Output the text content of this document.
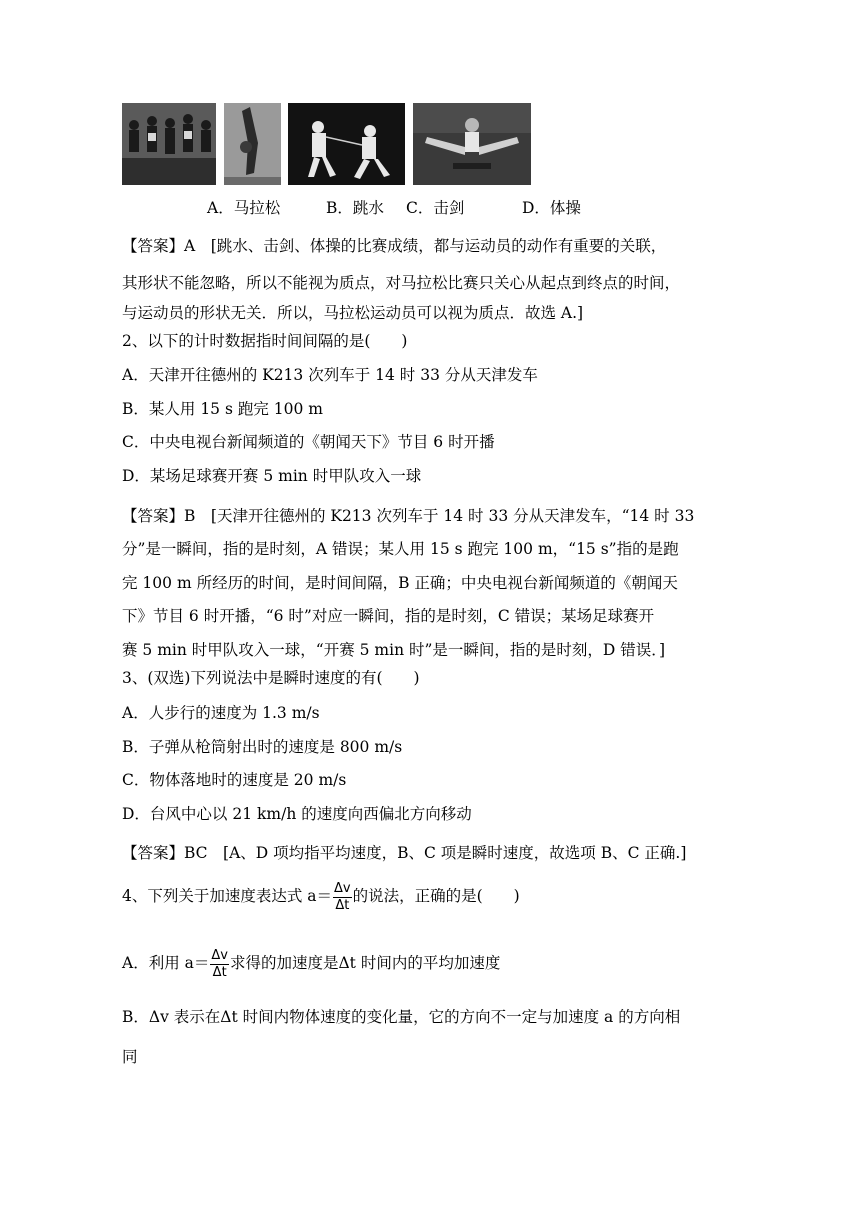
A．马拉松	B．跳水 C．击剑	D．体操
【答案】A　[跳水、击剑、体操的比赛成绩，都与运动员的动作有重要的关联，
其形状不能忽略，所以不能视为质点，对马拉松比赛只关心从起点到终点的时间，
与运动员的形状无关．所以，马拉松运动员可以视为质点．故选 A.]
2、以下的计时数据指时间间隔的是(　　)
A．天津开往德州的 K213 次列车于 14 时 33 分从天津发车
B．某人用 15 s 跑完 100 m
C．中央电视台新闻频道的《朝闻天下》节目 6 时开播
D．某场足球赛开赛 5 min 时甲队攻入一球
【答案】B　[天津开往德州的 K213 次列车于 14 时 33 分从天津发车，“14 时 33
分”是一瞬间，指的是时刻，A 错误；某人用 15 s 跑完 100 m，“15 s”指的是跑
完 100 m 所经历的时间，是时间间隔，B 正确；中央电视台新闻频道的《朝闻天
下》节目 6 时开播，“6 时”对应一瞬间，指的是时刻，C 错误；某场足球赛开
赛 5 min 时甲队攻入一球，“开赛 5 min 时”是一瞬间，指的是时刻，D 错误．]
3、(双选)下列说法中是瞬时速度的有(　　)
A．人步行的速度为 1.3 m/s
B．子弹从枪筒射出时的速度是 800 m/s
C．物体落地时的速度是 20 m/s
D．台风中心以 21 km/h 的速度向西偏北方向移动
【答案】BC　[A、D 项均指平均速度，B、C 项是瞬时速度，故选项 B、C 正确.]
4、下列关于加速度表达式 $a= \frac{\Delta v}{\Delta t}$ 的说法，正确的是(　　)
A．利用 $a= \frac{\Delta v}{\Delta t}$ 求得的加速度是Δt 时间内的平均加速度
B．Δv 表示在Δt 时间内物体速度的变化量，它的方向不一定与加速度 a 的方向相
同
